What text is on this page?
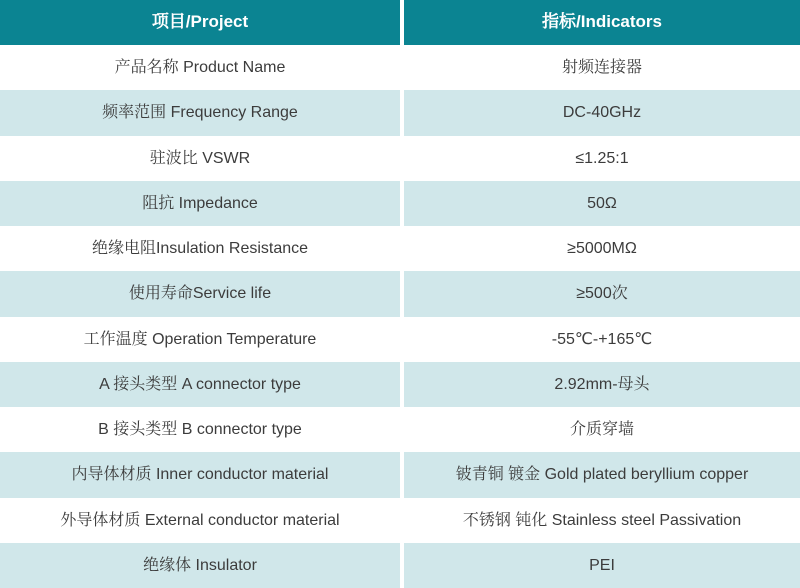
项目/Project	指标/Indicators
产品名称 Product Name	射频连接器
频率范围 Frequency Range	DC-40GHz
驻波比 VSWR	≤1.25:1
阻抗 Impedance	50Ω
绝缘电阻Insulation Resistance	≥5000MΩ
使用寿命Service life	≥500次
工作温度 Operation Temperature	-55℃-+165℃
A 接头类型 A connector type	2.92mm-母头
B 接头类型 B connector type	介质穿墙
内导体材质 Inner conductor material	铍青铜 镀金 Gold plated beryllium copper
外导体材质 External conductor material	不锈钢 钝化 Stainless steel Passivation
绝缘体 Insulator	PEI
